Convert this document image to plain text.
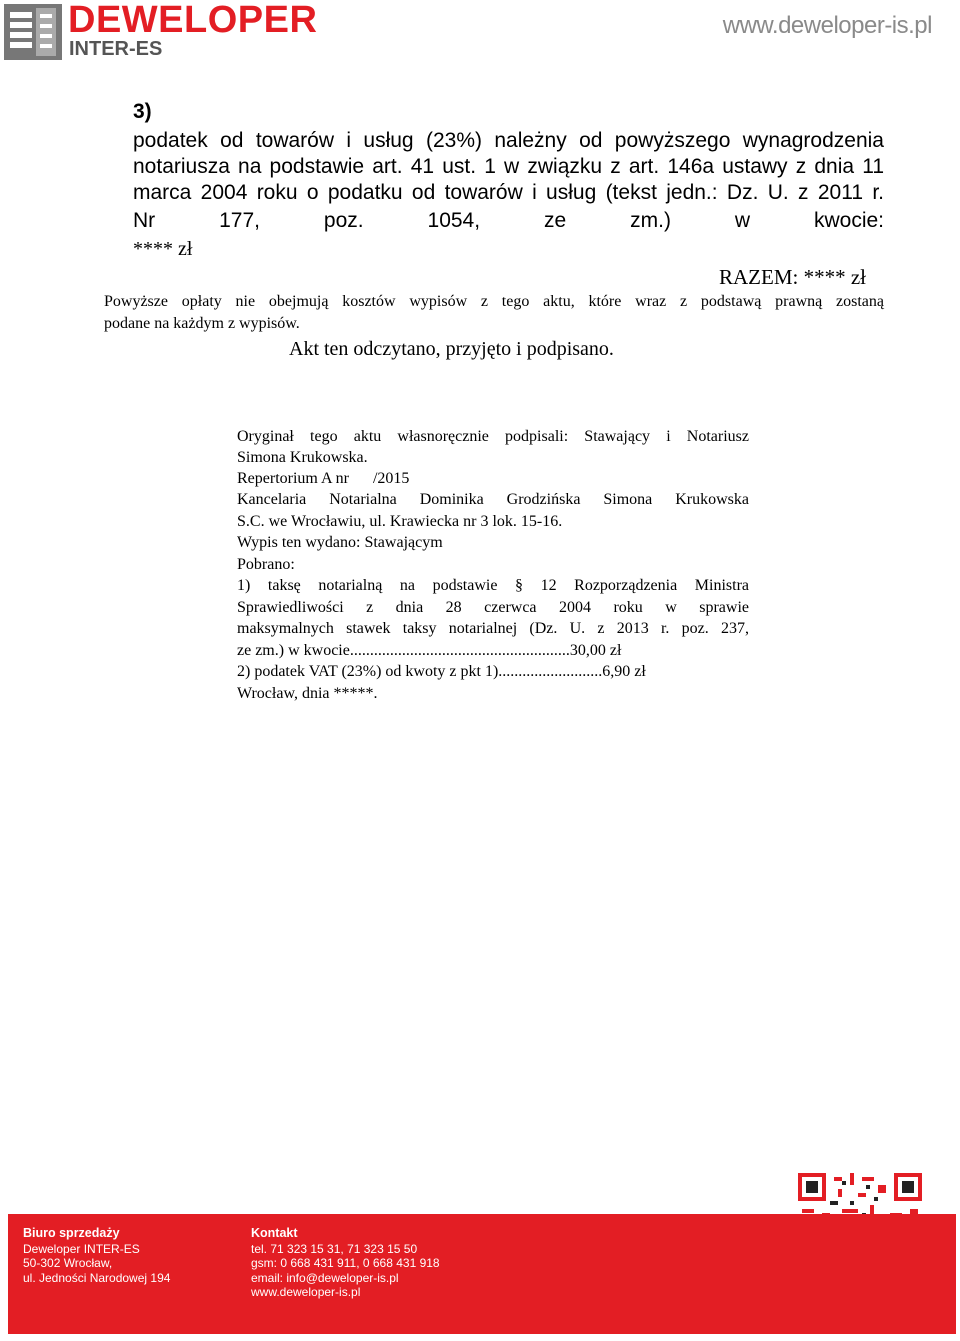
DEWELOPER
INTER-ES
www.deweloper-is.pl
3)
podatek od towarów i usług (23%) należny od powyższego wynagrodzenia
notariusza na podstawie art. 41 ust. 1 w związku z art. 146a ustawy z dnia 11
marca 2004 roku o podatku od towarów i usług (tekst jedn.: Dz. U. z 2011 r.
Nr 177, poz. 1054, ze zm.) w kwocie:
**** zł
RAZEM: **** zł
Powyższe opłaty nie obejmują kosztów wypisów z tego aktu, które wraz z podstawą prawną zostaną
podane na każdym z wypisów.
Akt ten odczytano, przyjęto i podpisano.
Oryginał tego aktu własnoręcznie podpisali: Stawający i Notariusz
Simona Krukowska.
Repertorium A nr      /2015
Kancelaria Notarialna Dominika Grodzińska Simona Krukowska
S.C. we Wrocławiu, ul. Krawiecka nr 3 lok. 15-16.
Wypis ten wydano: Stawającym
Pobrano:
1) taksę notarialną na podstawie § 12 Rozporządzenia Ministra
Sprawiedliwości z dnia 28 czerwca 2004 roku w sprawie
maksymalnych stawek taksy notarialnej (Dz. U. z 2013 r. poz. 237,
ze zm.) w kwocie.......................................................30,00 zł
2) podatek VAT (23%) od kwoty z pkt 1)..........................6,90 zł
Wrocław, dnia *****.
Biuro sprzedaży
Deweloper INTER-ES
50-302 Wrocław,
ul. Jedności Narodowej 194
Kontakt
tel. 71 323 15 31, 71 323 15 50
gsm: 0 668 431 911, 0 668 431 918
email: info@deweloper-is.pl
www.deweloper-is.pl
